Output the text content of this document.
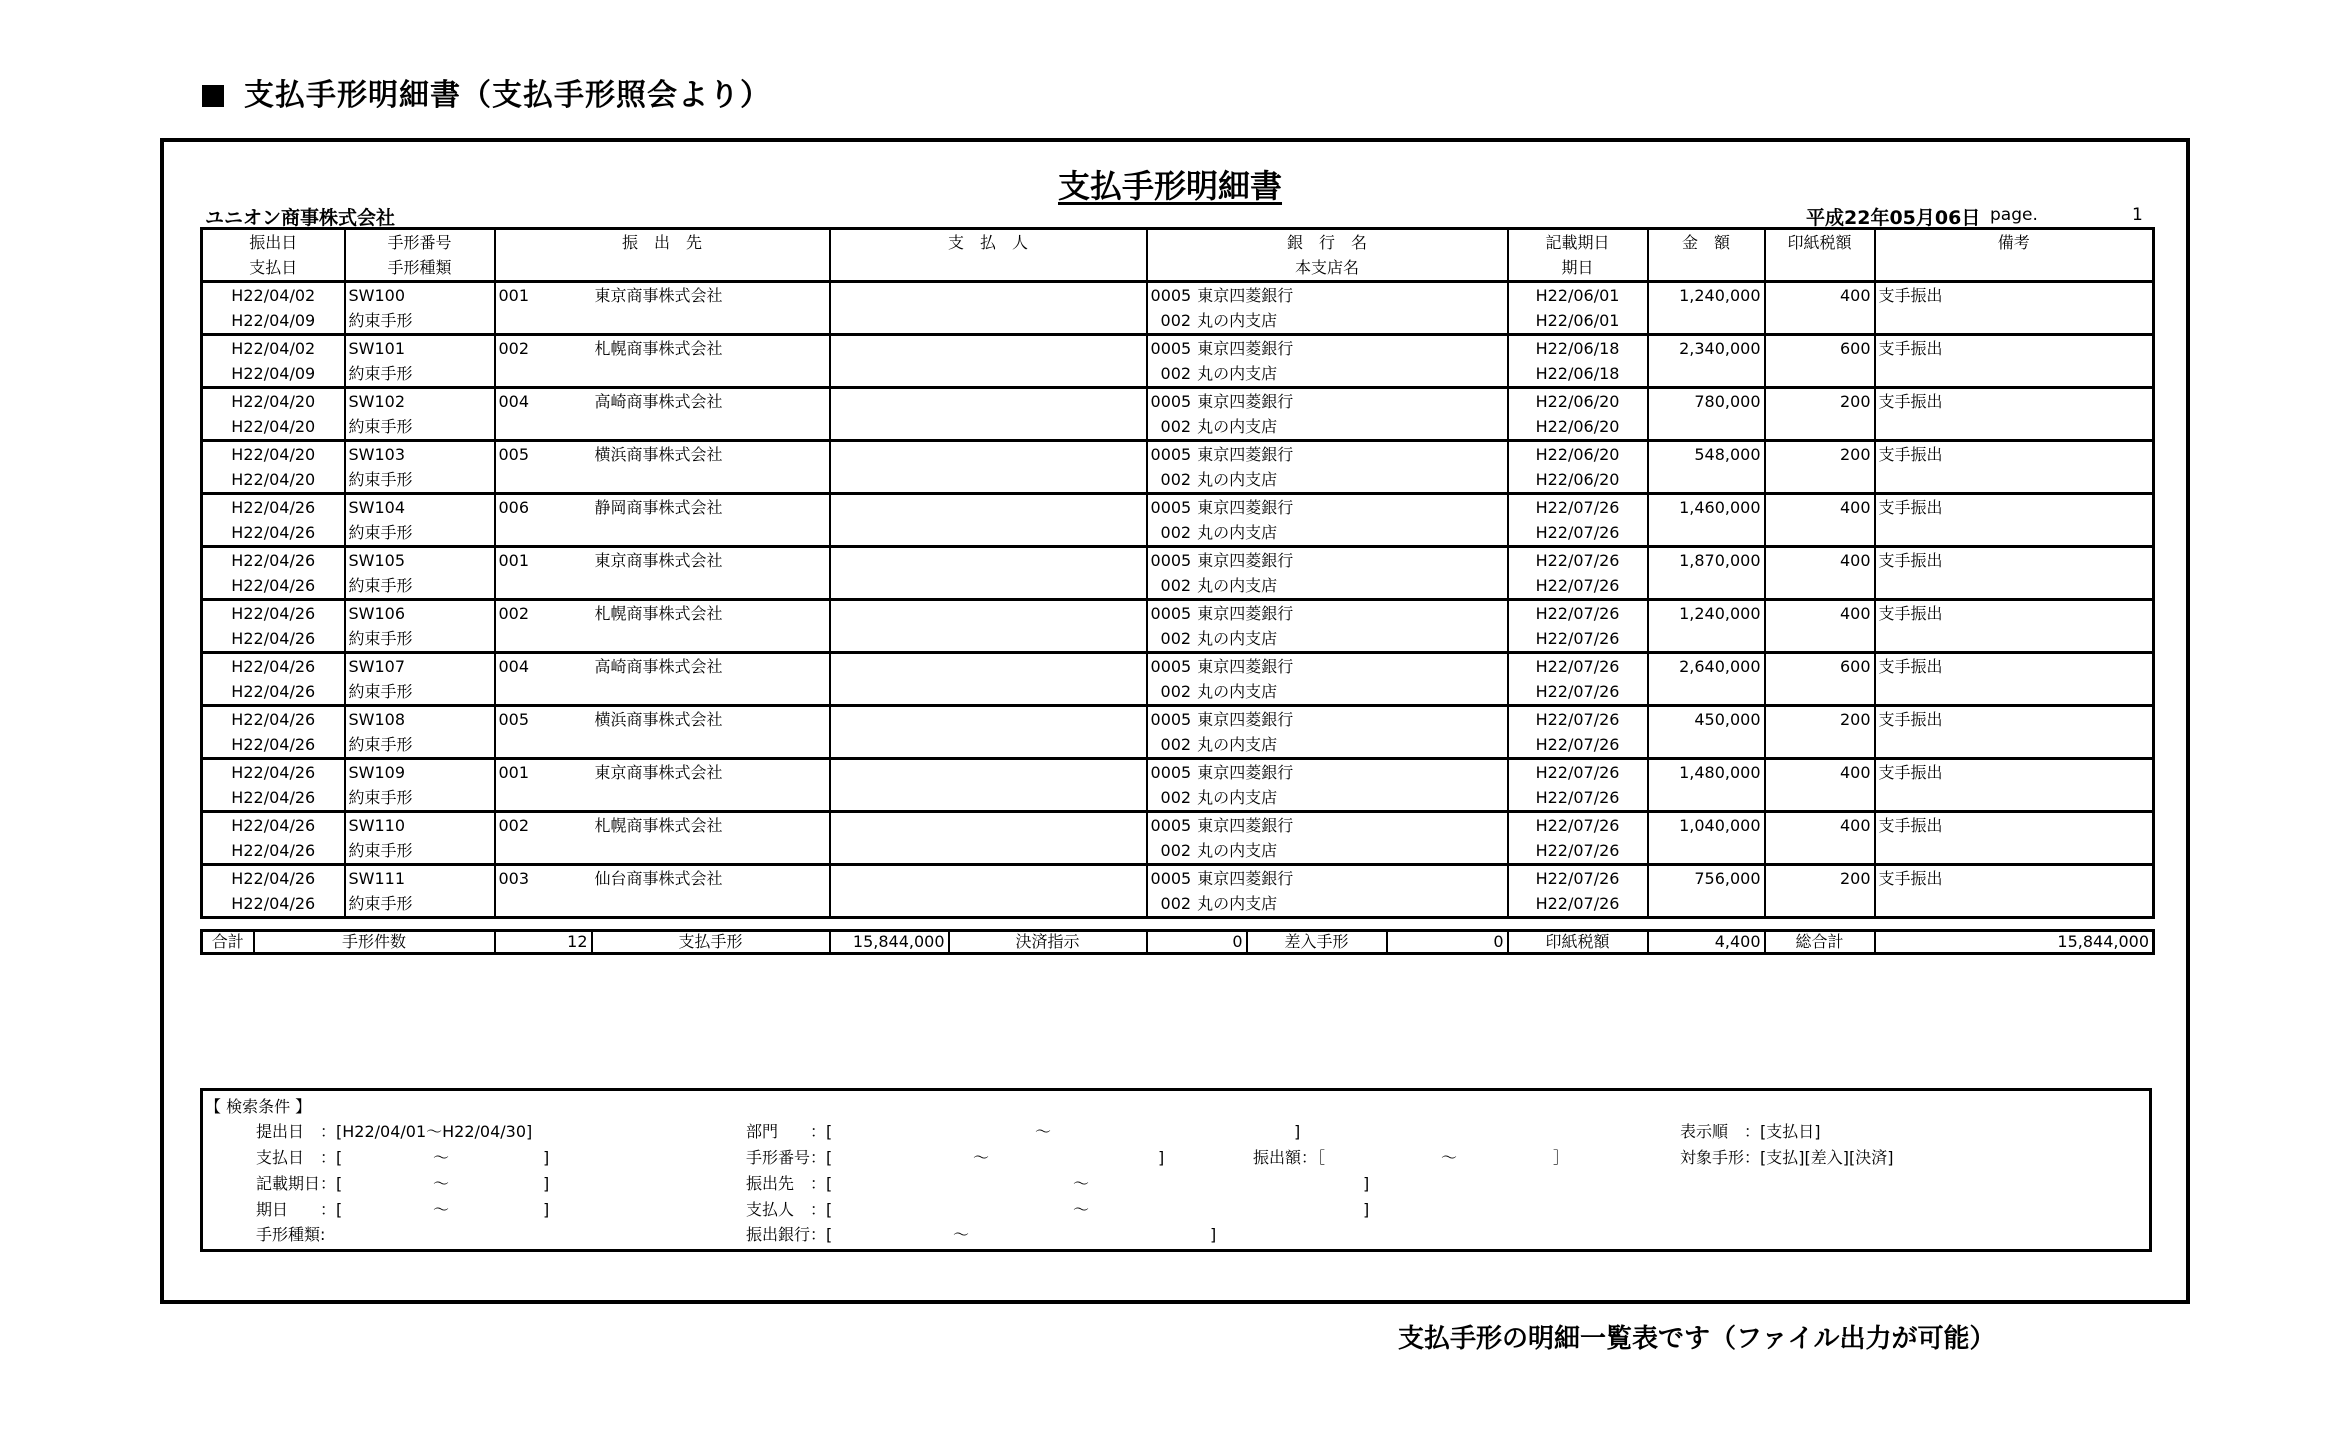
支払手形明細書（支払手形照会より）
支払手形明細書
ユニオン商事株式会社	平成22年05月06日 page.	1
振出日	手形番号	振　出　先		支　払　人	銀　行　名	記載期日	金　額	印紙税額	備考
支払日	手形種類				本支店名	期日			
H22/04/02	SW100	001	東京商事株式会社		0005 東京四菱銀行	H22/06/01	1,240,000	400	支手振出
H22/04/09	約束手形				002 丸の内支店	H22/06/01			
H22/04/02	SW101	002	札幌商事株式会社		0005 東京四菱銀行	H22/06/18	2,340,000	600	支手振出
H22/04/09	約束手形				002 丸の内支店	H22/06/18			
H22/04/20	SW102	004	高崎商事株式会社		0005 東京四菱銀行	H22/06/20	780,000	200	支手振出
H22/04/20	約束手形				002 丸の内支店	H22/06/20			
H22/04/20	SW103	005	横浜商事株式会社		0005 東京四菱銀行	H22/06/20	548,000	200	支手振出
H22/04/20	約束手形				002 丸の内支店	H22/06/20			
H22/04/26	SW104	006	静岡商事株式会社		0005 東京四菱銀行	H22/07/26	1,460,000	400	支手振出
H22/04/26	約束手形				002 丸の内支店	H22/07/26			
H22/04/26	SW105	001	東京商事株式会社		0005 東京四菱銀行	H22/07/26	1,870,000	400	支手振出
H22/04/26	約束手形				002 丸の内支店	H22/07/26			
H22/04/26	SW106	002	札幌商事株式会社		0005 東京四菱銀行	H22/07/26	1,240,000	400	支手振出
H22/04/26	約束手形				002 丸の内支店	H22/07/26			
H22/04/26	SW107	004	高崎商事株式会社		0005 東京四菱銀行	H22/07/26	2,640,000	600	支手振出
H22/04/26	約束手形				002 丸の内支店	H22/07/26			
H22/04/26	SW108	005	横浜商事株式会社		0005 東京四菱銀行	H22/07/26	450,000	200	支手振出
H22/04/26	約束手形				002 丸の内支店	H22/07/26			
H22/04/26	SW109	001	東京商事株式会社		0005 東京四菱銀行	H22/07/26	1,480,000	400	支手振出
H22/04/26	約束手形				002 丸の内支店	H22/07/26			
H22/04/26	SW110	002	札幌商事株式会社		0005 東京四菱銀行	H22/07/26	1,040,000	400	支手振出
H22/04/26	約束手形				002 丸の内支店	H22/07/26			
H22/04/26	SW111	003	仙台商事株式会社		0005 東京四菱銀行	H22/07/26	756,000	200	支手振出
H22/04/26	約束手形				002 丸の内支店	H22/07/26			
合計	手形件数	12	支払手形	15,844,000	決済指示	0	差入手形	0	印紙税額	4,400	総合計	15,844,000
【 検索条件 】
提出日　：[H22/04/01～H22/04/30]
支払日　：[	～	]
記載期日：[	～	]
期日　　：[	～	]
手形種類:
部門　　：[	～	]
手形番号：[	～	]	振出額：［	～	］
振出先　：[	～	]
支払人　：[	～	]
振出銀行：[	～	]
表示順　：[支払日]
対象手形：[支払][差入][決済]
支払手形の明細一覧表です（ファイル出力が可能）
